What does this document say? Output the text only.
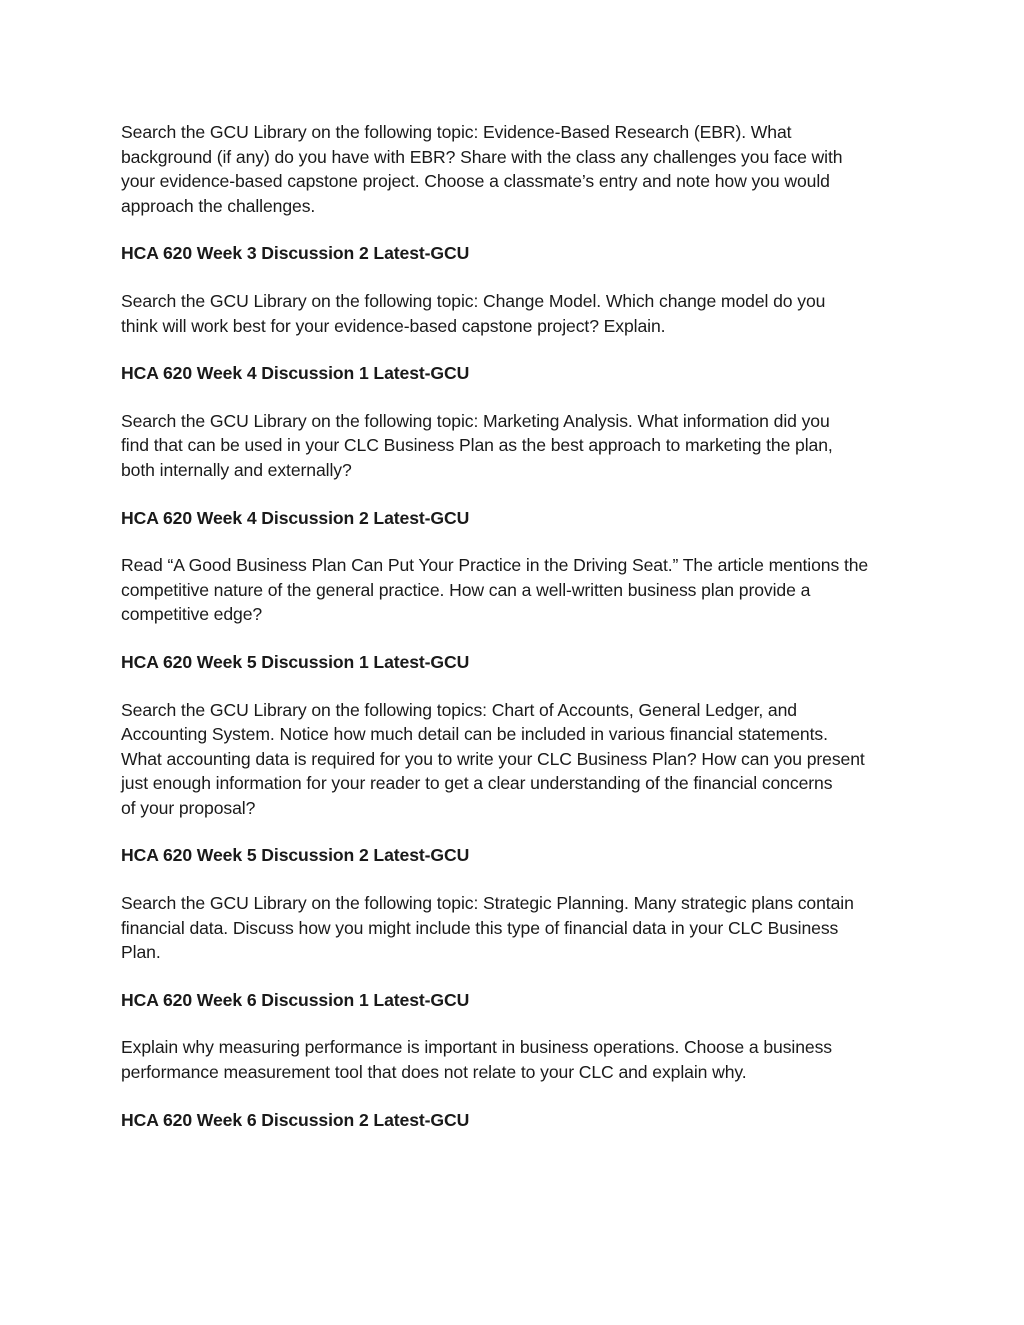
Search the GCU Library on the following topic: Evidence-Based Research (EBR). What
background (if any) do you have with EBR? Share with the class any challenges you face with
your evidence-based capstone project. Choose a classmate’s entry and note how you would
approach the challenges.

HCA 620 Week 3 Discussion 2 Latest-GCU

Search the GCU Library on the following topic: Change Model. Which change model do you
think will work best for your evidence-based capstone project? Explain.

HCA 620 Week 4 Discussion 1 Latest-GCU

Search the GCU Library on the following topic: Marketing Analysis. What information did you
find that can be used in your CLC Business Plan as the best approach to marketing the plan,
both internally and externally?

HCA 620 Week 4 Discussion 2 Latest-GCU

Read “A Good Business Plan Can Put Your Practice in the Driving Seat.” The article mentions the
competitive nature of the general practice. How can a well-written business plan provide a
competitive edge?

HCA 620 Week 5 Discussion 1 Latest-GCU

Search the GCU Library on the following topics: Chart of Accounts, General Ledger, and
Accounting System. Notice how much detail can be included in various financial statements.
What accounting data is required for you to write your CLC Business Plan? How can you present
just enough information for your reader to get a clear understanding of the financial concerns
of your proposal?

HCA 620 Week 5 Discussion 2 Latest-GCU

Search the GCU Library on the following topic: Strategic Planning. Many strategic plans contain
financial data. Discuss how you might include this type of financial data in your CLC Business
Plan.

HCA 620 Week 6 Discussion 1 Latest-GCU

Explain why measuring performance is important in business operations. Choose a business
performance measurement tool that does not relate to your CLC and explain why.

HCA 620 Week 6 Discussion 2 Latest-GCU
